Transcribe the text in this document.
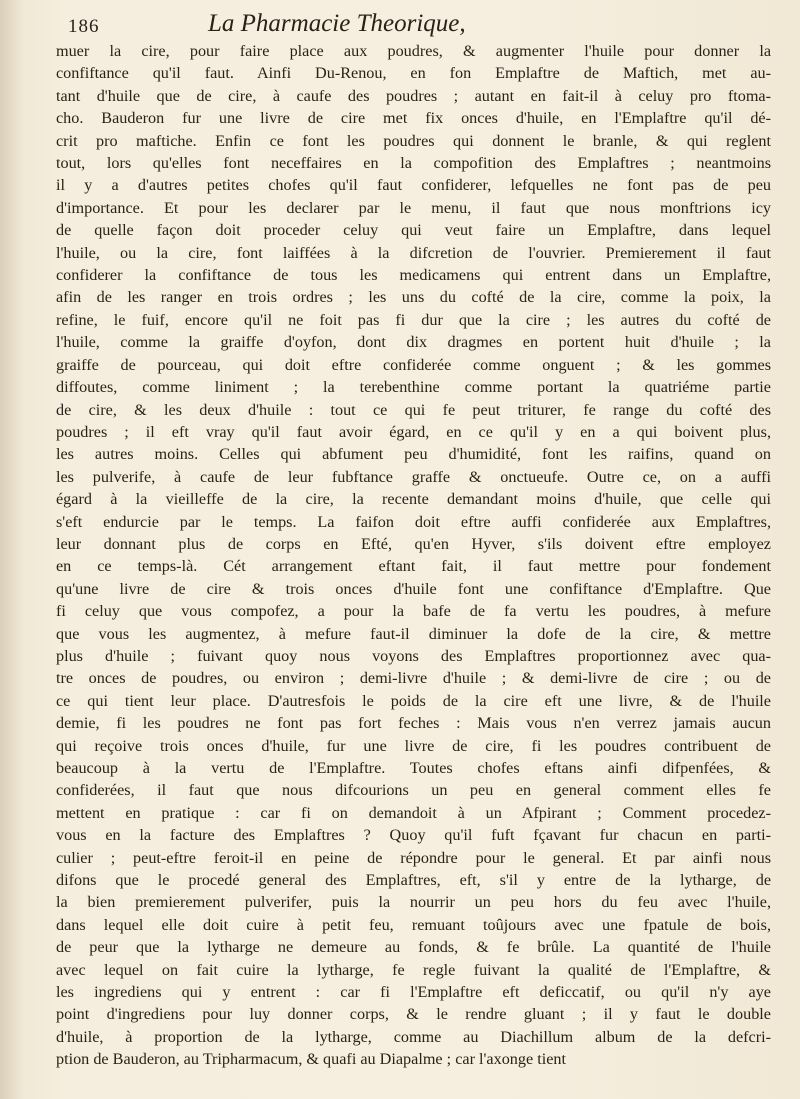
186	La Pharmacie Theorique,
muer la cire, pour faire place aux poudres, & augmenter l'huile pour donner la
confiftance qu'il faut. Ainfi Du-Renou, en fon Emplaftre de Maftich, met au-
tant d'huile que de cire, à caufe des poudres ; autant en fait-il à celuy pro ftoma-
cho. Bauderon fur une livre de cire met fix onces d'huile, en l'Emplaftre qu'il dé-
crit pro maftiche. Enfin ce font les poudres qui donnent le branle, & qui reglent
tout, lors qu'elles font neceffaires en la compofition des Emplaftres ; neantmoins
il y a d'autres petites chofes qu'il faut confiderer, lefquelles ne font pas de peu
d'importance. Et pour les declarer par le menu, il faut que nous monftrions icy
de quelle façon doit proceder celuy qui veut faire un Emplaftre, dans lequel
l'huile, ou la cire, font laiffées à la difcretion de l'ouvrier. Premierement il faut
confiderer la confiftance de tous les medicamens qui entrent dans un Emplaftre,
afin de les ranger en trois ordres ; les uns du cofté de la cire, comme la poix, la
refine, le fuif, encore qu'il ne foit pas fi dur que la cire ; les autres du cofté de
l'huile, comme la graiffe d'oyfon, dont dix dragmes en portent huit d'huile ; la
graiffe de pourceau, qui doit eftre confiderée comme onguent ; & les gommes
diffoutes, comme liniment ; la terebenthine comme portant la quatriéme partie
de cire, & les deux d'huile : tout ce qui fe peut triturer, fe range du cofté des
poudres ; il eft vray qu'il faut avoir égard, en ce qu'il y en a qui boivent plus,
les autres moins. Celles qui abfument peu d'humidité, font les raifins, quand on
les pulverife, à caufe de leur fubftance graffe & onctueufe. Outre ce, on a auffi
égard à la vieilleffe de la cire, la recente demandant moins d'huile, que celle qui
s'eft endurcie par le temps. La faifon doit eftre auffi confiderée aux Emplaftres,
leur donnant plus de corps en Efté, qu'en Hyver, s'ils doivent eftre employez
en ce temps-là. Cét arrangement eftant fait, il faut mettre pour fondement
qu'une livre de cire & trois onces d'huile font une confiftance d'Emplaftre. Que
fi celuy que vous compofez, a pour la bafe de fa vertu les poudres, à mefure
que vous les augmentez, à mefure faut-il diminuer la dofe de la cire, & mettre
plus d'huile ; fuivant quoy nous voyons des Emplaftres proportionnez avec qua-
tre onces de poudres, ou environ ; demi-livre d'huile ; & demi-livre de cire ; ou de
ce qui tient leur place. D'autresfois le poids de la cire eft une livre, & de l'huile
demie, fi les poudres ne font pas fort feches : Mais vous n'en verrez jamais aucun
qui reçoive trois onces d'huile, fur une livre de cire, fi les poudres contribuent de
beaucoup à la vertu de l'Emplaftre. Toutes chofes eftans ainfi difpenfées, &
confiderées, il faut que nous difcourions un peu en general comment elles fe
mettent en pratique : car fi on demandoit à un Afpirant ; Comment procedez-
vous en la facture des Emplaftres ? Quoy qu'il fuft fçavant fur chacun en parti-
culier ; peut-eftre feroit-il en peine de répondre pour le general. Et par ainfi nous
difons que le procedé general des Emplaftres, eft, s'il y entre de la lytharge, de
la bien premierement pulverifer, puis la nourrir un peu hors du feu avec l'huile,
dans lequel elle doit cuire à petit feu, remuant toûjours avec une fpatule de bois,
de peur que la lytharge ne demeure au fonds, & fe brûle. La quantité de l'huile
avec lequel on fait cuire la lytharge, fe regle fuivant la qualité de l'Emplaftre, &
les ingrediens qui y entrent : car fi l'Emplaftre eft deficcatif, ou qu'il n'y aye
point d'ingrediens pour luy donner corps, & le rendre gluant ; il y faut le double
d'huile, à proportion de la lytharge, comme au Diachillum album de la defcri-
ption de Bauderon, au Tripharmacum, & quafi au Diapalme ; car l'axonge tient
